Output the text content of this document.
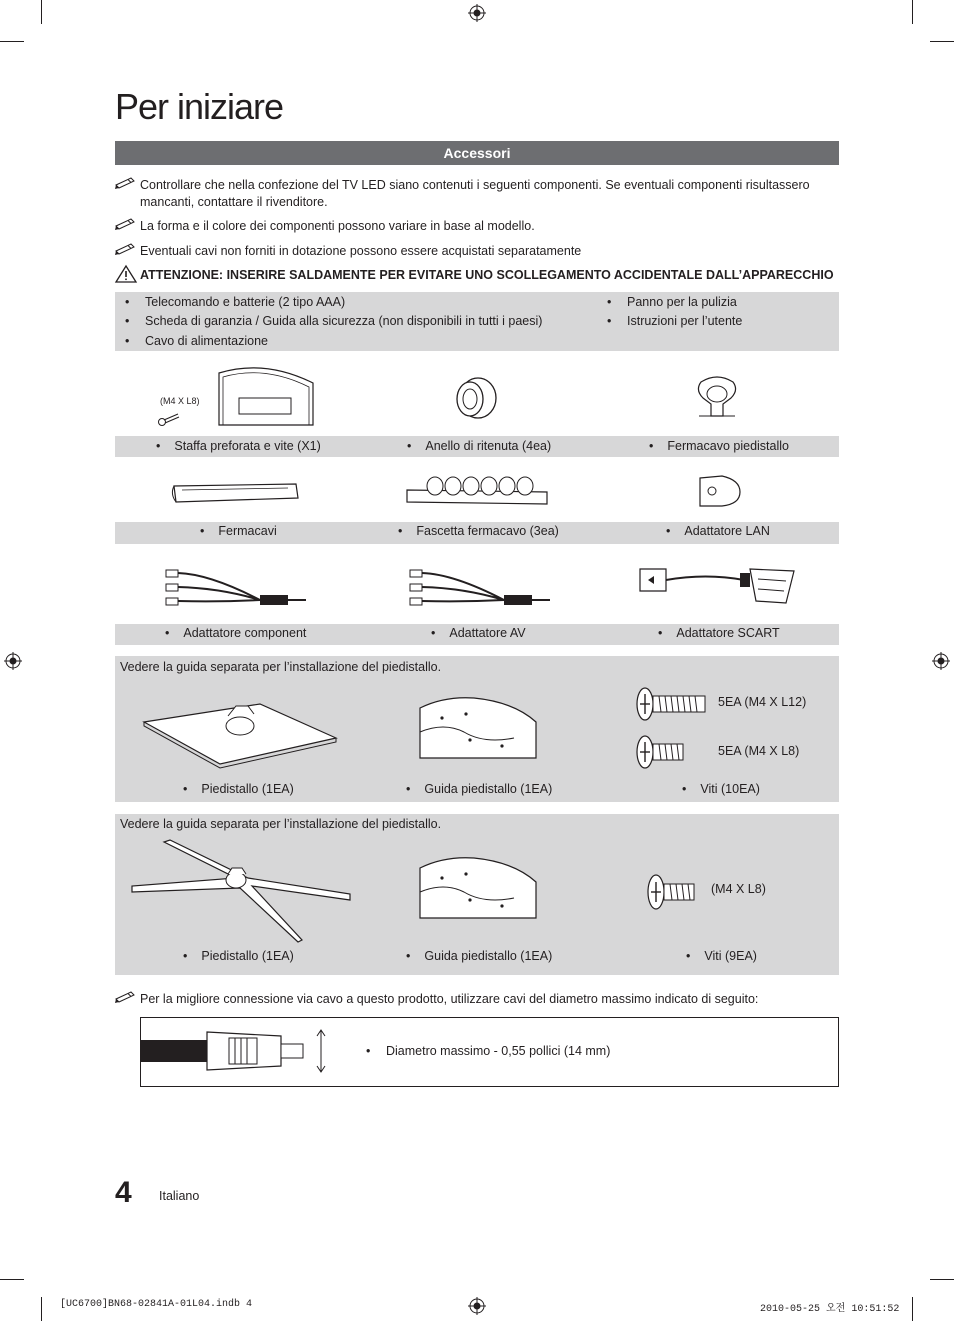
Per iniziare
Accessori
Controllare che nella confezione del TV LED siano contenuti i seguenti componenti. Se eventuali componenti risultassero mancanti, contattare il rivenditore.
La forma e il colore dei componenti possono variare in base al modello.
Eventuali cavi non forniti in dotazione possono essere acquistati separatamente
ATTENZIONE: INSERIRE SALDAMENTE PER EVITARE UNO SCOLLEGAMENTO ACCIDENTALE DALL’APPARECCHIO
• Telecomando e batterie (2 tipo AAA)
• Scheda di garanzia / Guida alla sicurezza (non disponibili in tutti i paesi)
• Cavo di alimentazione
• Panno per la pulizia
• Istruzioni per l’utente
(M4 X L8)
• Staffa preforata e vite (X1)	• Anello di ritenuta (4ea)	• Fermacavo piedistallo
• Fermacavi	• Fascetta fermacavo (3ea)	• Adattatore LAN
• Adattatore component	• Adattatore AV	• Adattatore SCART
Vedere la guida separata per l’installazione del piedistallo.
5EA (M4 X L12)
5EA (M4 X L8)
• Piedistallo (1EA)	• Guida piedistallo (1EA)	• Viti (10EA)
Vedere la guida separata per l’installazione del piedistallo.
(M4 X L8)
• Piedistallo (1EA)	• Guida piedistallo (1EA)	• Viti (9EA)
Per la migliore connessione via cavo a questo prodotto, utilizzare cavi del diametro massimo indicato di seguito:
• Diametro massimo - 0,55 pollici (14 mm)
4 Italiano
[UC6700]BN68-02841A-01L04.indb 4	2010-05-25 오전 10:51:52
